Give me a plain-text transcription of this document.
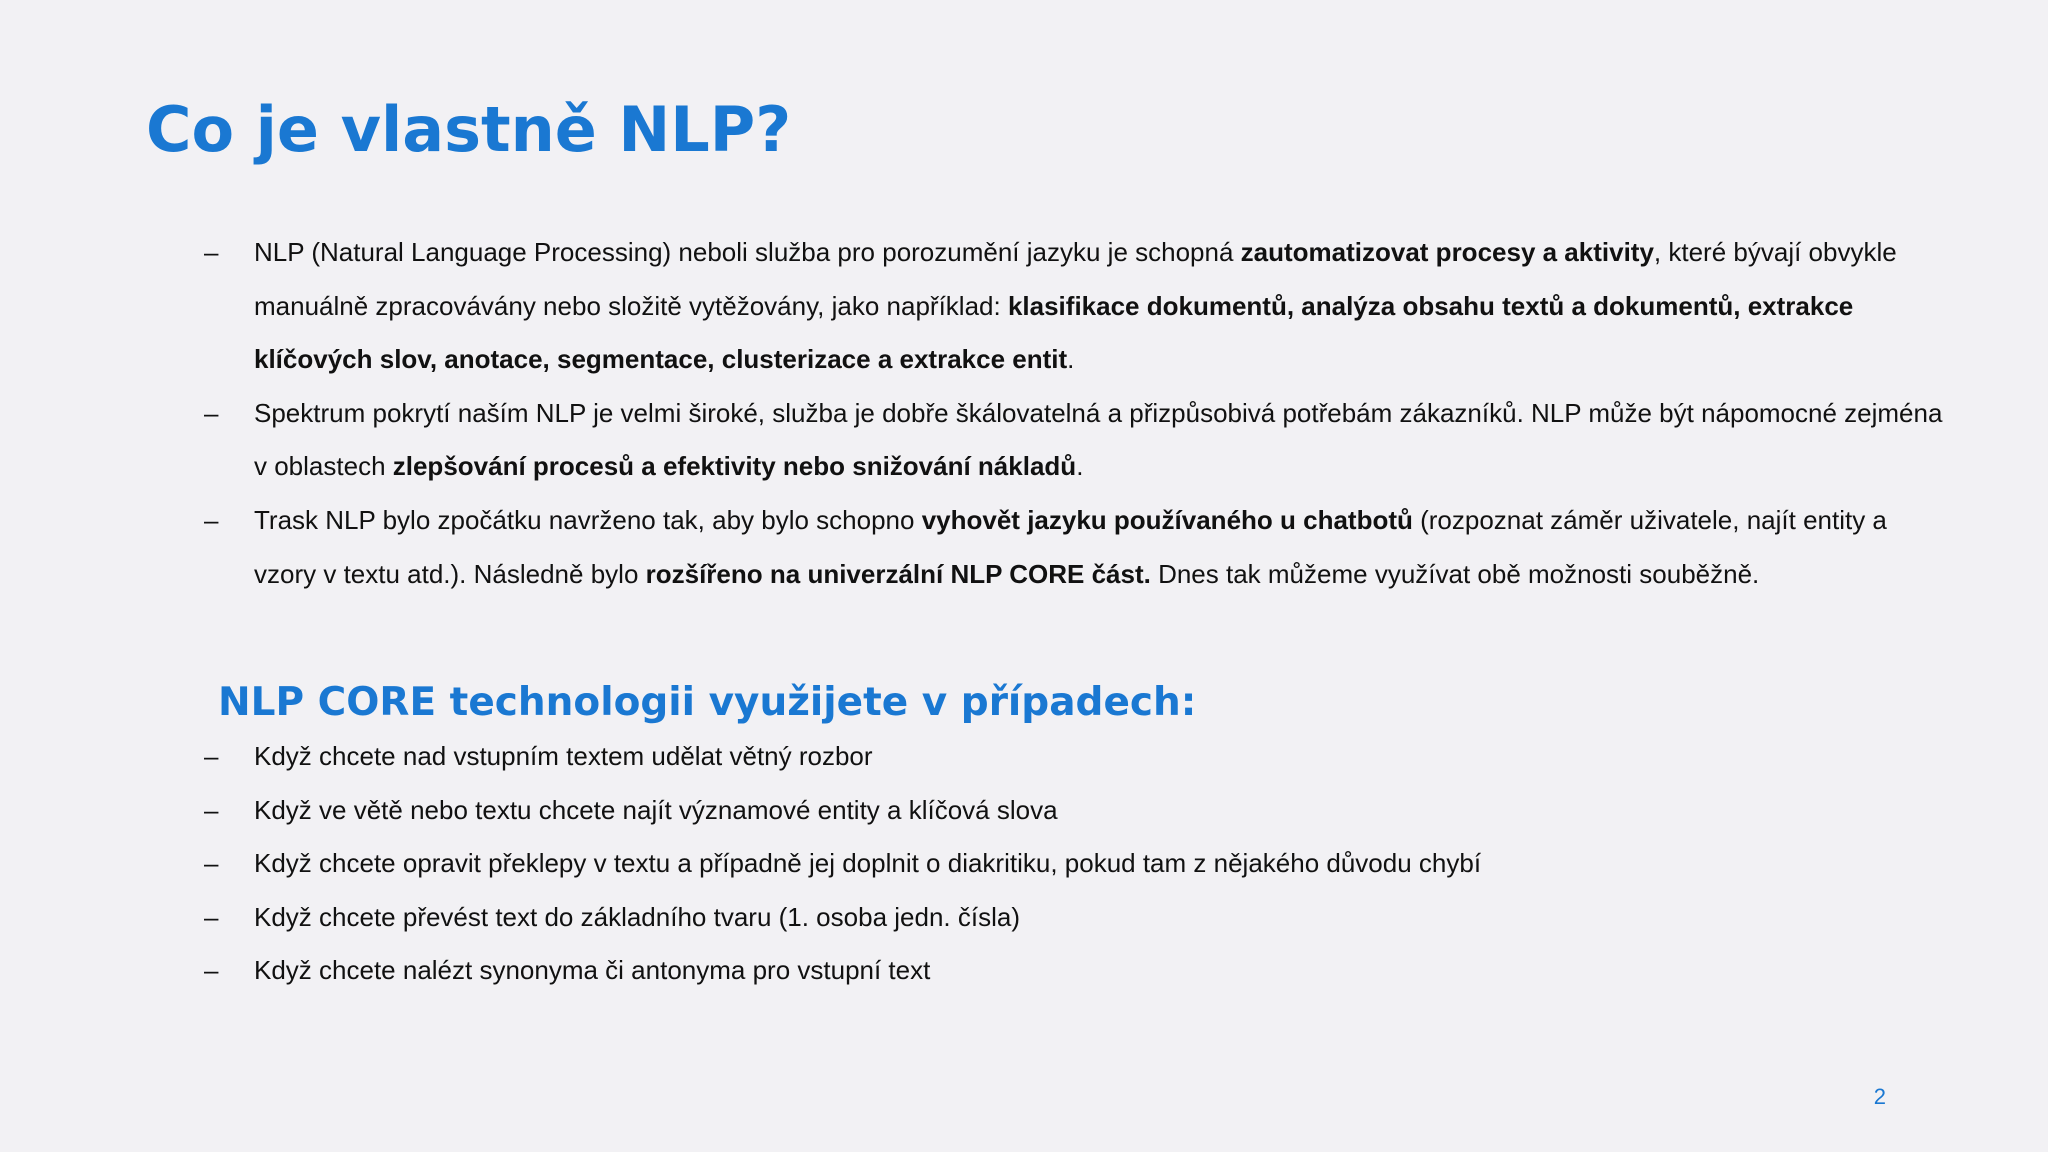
Co je vlastně NLP?
– NLP (Natural Language Processing) neboli služba pro porozumění jazyku je schopná zautomatizovat procesy a aktivity, které bývají obvykle manuálně zpracovávány nebo složitě vytěžovány, jako například: klasifikace dokumentů, analýza obsahu textů a dokumentů, extrakce klíčových slov, anotace, segmentace, clusterizace a extrakce entit.
– Spektrum pokrytí naším NLP je velmi široké, služba je dobře škálovatelná a přizpůsobivá potřebám zákazníků. NLP může být nápomocné zejména v oblastech zlepšování procesů a efektivity nebo snižování nákladů.
– Trask NLP bylo zpočátku navrženo tak, aby bylo schopno vyhovět jazyku používaného u chatbotů (rozpoznat záměr uživatele, najít entity a vzory v textu atd.). Následně bylo rozšířeno na univerzální NLP CORE část. Dnes tak můžeme využívat obě možnosti souběžně.
NLP CORE technologii využijete v případech:
– Když chcete nad vstupním textem udělat větný rozbor
– Když ve větě nebo textu chcete najít významové entity a klíčová slova
– Když chcete opravit překlepy v textu a případně jej doplnit o diakritiku, pokud tam z nějakého důvodu chybí
– Když chcete převést text do základního tvaru (1. osoba jedn. čísla)
– Když chcete nalézt synonyma či antonyma pro vstupní text
2
